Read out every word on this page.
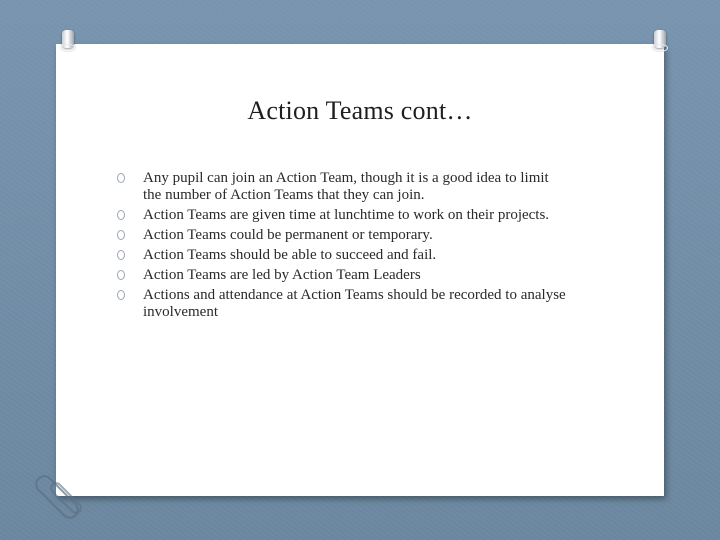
Action Teams cont…
Any pupil can join an Action Team, though it is a good idea to limit the number of Action Teams that they can join.
Action Teams are given time at lunchtime to work on their projects.
Action Teams could be permanent or temporary.
Action Teams should be able to succeed and fail.
Action Teams are led by Action Team Leaders
Actions and attendance at Action Teams should be recorded to analyse involvement
